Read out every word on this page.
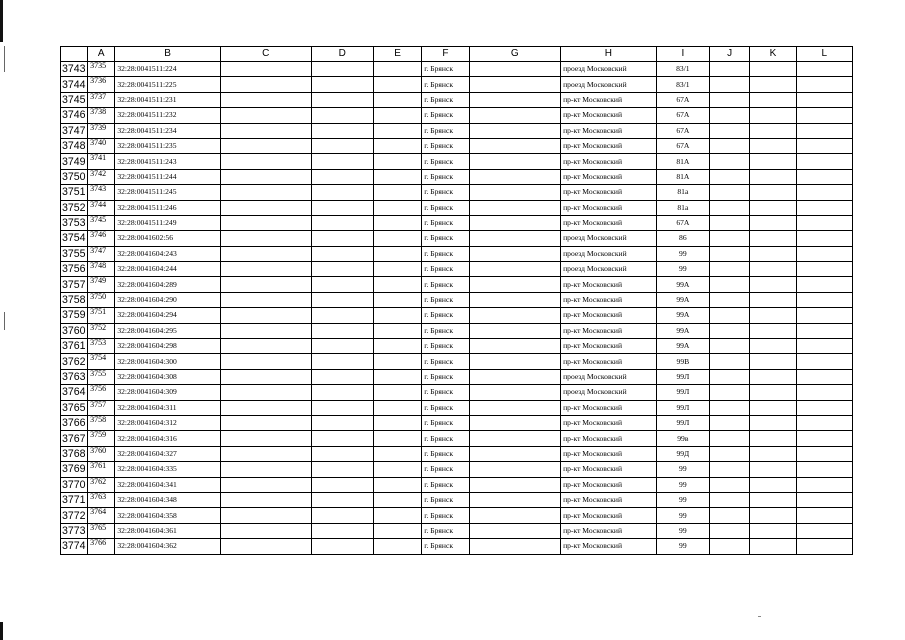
	A	B	C	D	E	F	G	H	I	J	K	L
3743	3735	32:28:0041511:224				г. Брянск		проезд Московский	83/1			
3744	3736	32:28:0041511:225				г. Брянск		проезд Московский	83/1			
3745	3737	32:28:0041511:231				г. Брянск		пр-кт Московский	67А			
3746	3738	32:28:0041511:232				г. Брянск		пр-кт Московский	67А			
3747	3739	32:28:0041511:234				г. Брянск		пр-кт Московский	67А			
3748	3740	32:28:0041511:235				г. Брянск		пр-кт Московский	67А			
3749	3741	32:28:0041511:243				г. Брянск		пр-кт Московский	81А			
3750	3742	32:28:0041511:244				г. Брянск		пр-кт Московский	81А			
3751	3743	32:28:0041511:245				г. Брянск		пр-кт Московский	81а			
3752	3744	32:28:0041511:246				г. Брянск		пр-кт Московский	81а			
3753	3745	32:28:0041511:249				г. Брянск		пр-кт Московский	67А			
3754	3746	32:28:0041602:56				г. Брянск		проезд Московский	86			
3755	3747	32:28:0041604:243				г. Брянск		проезд Московский	99			
3756	3748	32:28:0041604:244				г. Брянск		проезд Московский	99			
3757	3749	32:28:0041604:289				г. Брянск		пр-кт Московский	99А			
3758	3750	32:28:0041604:290				г. Брянск		пр-кт Московский	99А			
3759	3751	32:28:0041604:294				г. Брянск		пр-кт Московский	99А			
3760	3752	32:28:0041604:295				г. Брянск		пр-кт Московский	99А			
3761	3753	32:28:0041604:298				г. Брянск		пр-кт Московский	99А			
3762	3754	32:28:0041604:300				г. Брянск		пр-кт Московский	99В			
3763	3755	32:28:0041604:308				г. Брянск		проезд Московский	99Л			
3764	3756	32:28:0041604:309				г. Брянск		проезд Московский	99Л			
3765	3757	32:28:0041604:311				г. Брянск		пр-кт Московский	99Л			
3766	3758	32:28:0041604:312				г. Брянск		пр-кт Московский	99Л			
3767	3759	32:28:0041604:316				г. Брянск		пр-кт Московский	99в			
3768	3760	32:28:0041604:327				г. Брянск		пр-кт Московский	99Д			
3769	3761	32:28:0041604:335				г. Брянск		пр-кт Московский	99			
3770	3762	32:28:0041604:341				г. Брянск		пр-кт Московский	99			
3771	3763	32:28:0041604:348				г. Брянск		пр-кт Московский	99			
3772	3764	32:28:0041604:358				г. Брянск		пр-кт Московский	99			
3773	3765	32:28:0041604:361				г. Брянск		пр-кт Московский	99			
3774	3766	32:28:0041604:362				г. Брянск		пр-кт Московский	99			
